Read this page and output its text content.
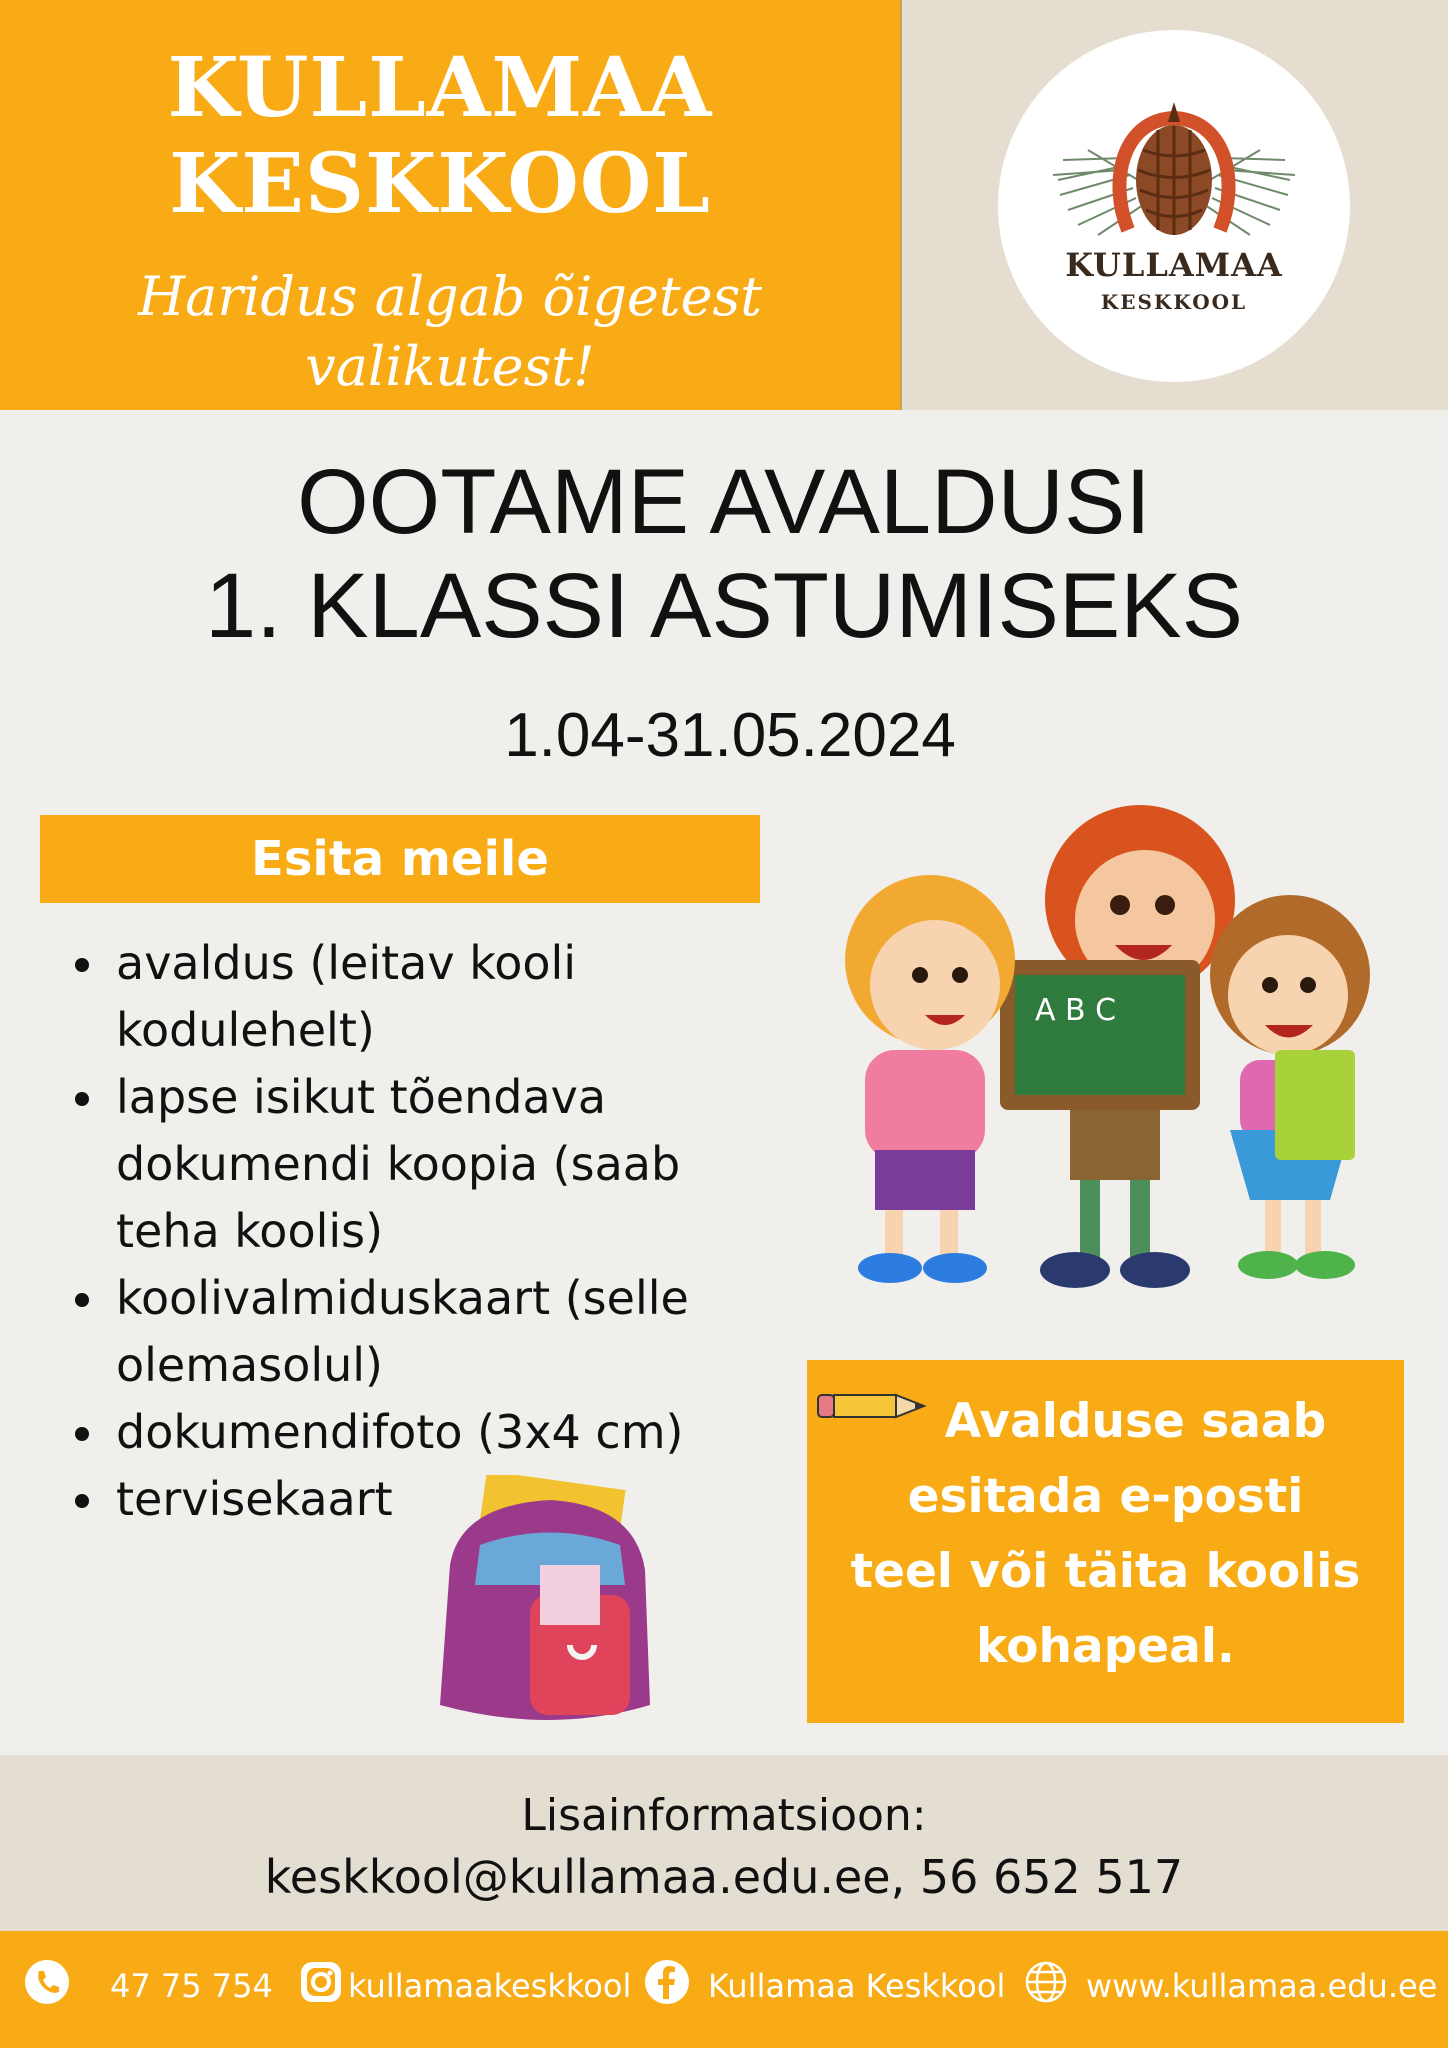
KULLAMAA
KESKKOOL
Haridus algab õigetest valikutest!
KULLAMAA
KESKKOOL
OOTAME AVALDUSI
1. KLASSI ASTUMISEKS
1.04-31.05.2024
Esita meile
• avaldus (leitav kooli kodulehelt)
• lapse isikut tõendava dokumendi koopia (saab teha koolis)
• koolivalmiduskaart (selle olemasolul)
• dokumendifoto (3x4 cm)
• tervisekaart
A B C
Avalduse saab
esitada e-posti
teel või täita koolis
kohapeal.
Lisainformatsioon:
keskkool@kullamaa.edu.ee, 56 652 517
47 75 754 kullamaakeskkool Kullamaa Keskkool	www.kullamaa.edu.ee
